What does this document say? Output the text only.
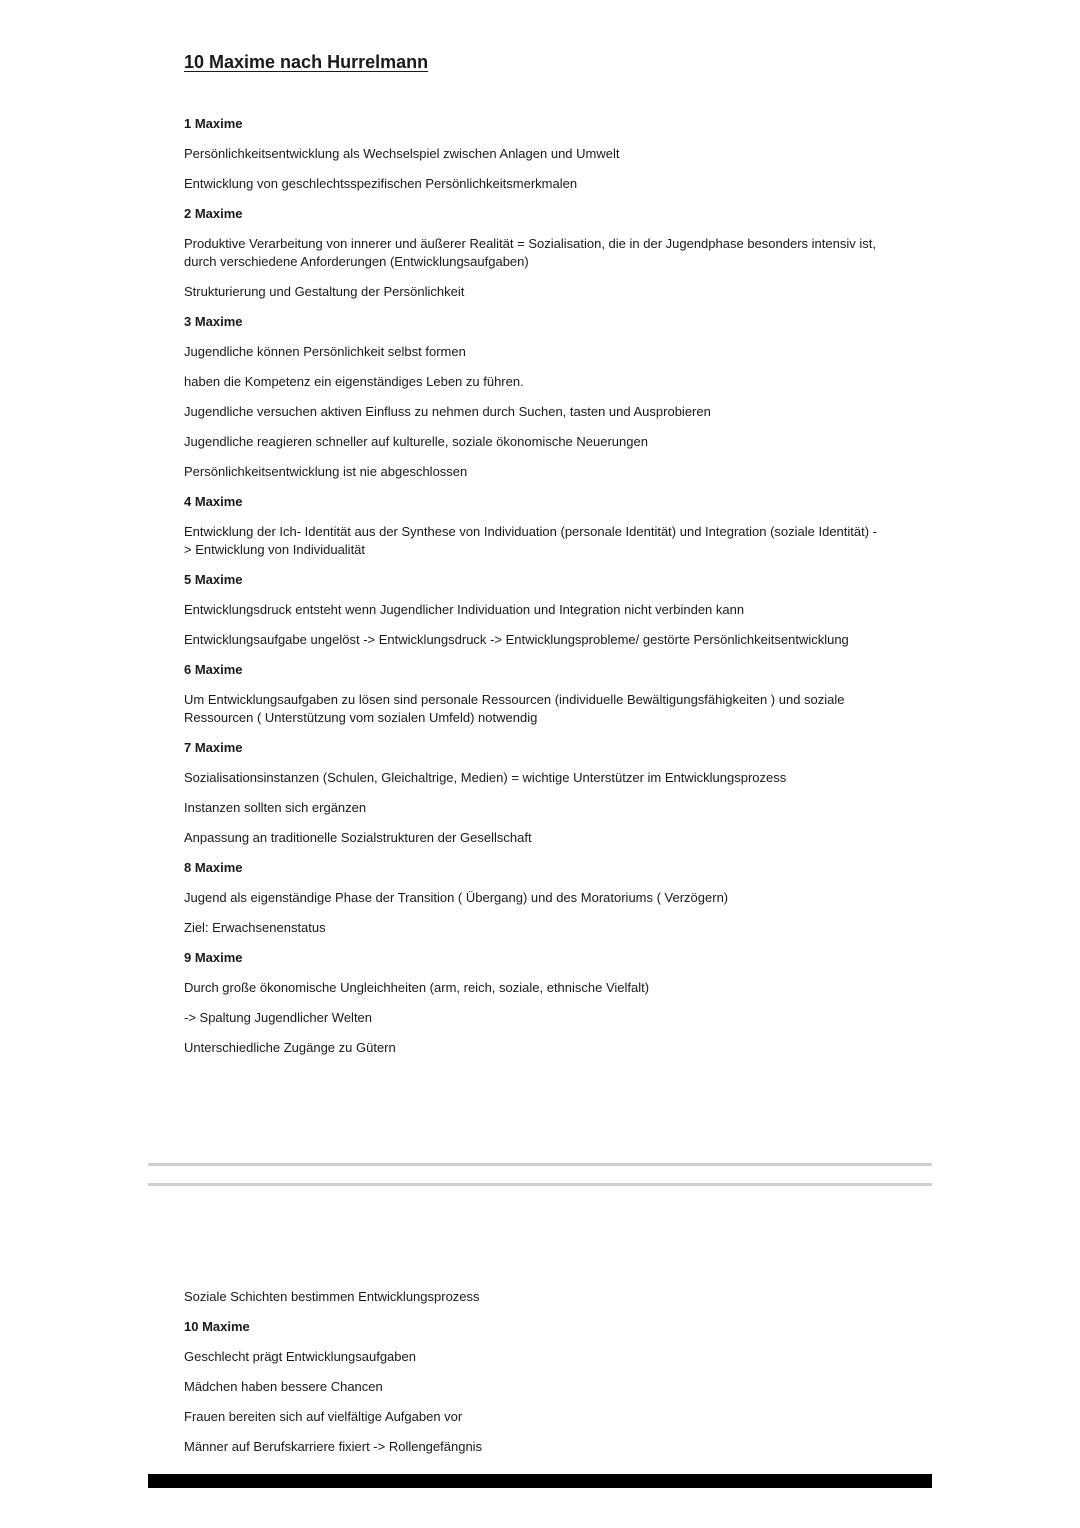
10 Maxime nach Hurrelmann
1 Maxime
Persönlichkeitsentwicklung als Wechselspiel zwischen Anlagen und Umwelt
Entwicklung von geschlechtsspezifischen Persönlichkeitsmerkmalen
2 Maxime
Produktive Verarbeitung von innerer und äußerer Realität = Sozialisation, die in der Jugendphase besonders intensiv ist, durch verschiedene Anforderungen (Entwicklungsaufgaben)
Strukturierung und Gestaltung der Persönlichkeit
3 Maxime
Jugendliche können Persönlichkeit selbst formen
haben die Kompetenz ein eigenständiges Leben zu führen.
Jugendliche versuchen aktiven Einfluss zu nehmen durch Suchen, tasten und Ausprobieren
Jugendliche reagieren schneller auf kulturelle, soziale ökonomische Neuerungen
Persönlichkeitsentwicklung ist nie abgeschlossen
4 Maxime
Entwicklung der Ich- Identität aus der Synthese von Individuation (personale Identität) und Integration (soziale Identität) -> Entwicklung von Individualität
5 Maxime
Entwicklungsdruck entsteht wenn Jugendlicher Individuation und Integration nicht verbinden kann
Entwicklungsaufgabe ungelöst -> Entwicklungsdruck -> Entwicklungsprobleme/ gestörte Persönlichkeitsentwicklung
6 Maxime
Um Entwicklungsaufgaben zu lösen sind personale Ressourcen (individuelle Bewältigungsfähigkeiten ) und soziale Ressourcen ( Unterstützung vom sozialen Umfeld) notwendig
7 Maxime
Sozialisationsinstanzen (Schulen, Gleichaltrige, Medien) = wichtige Unterstützer im Entwicklungsprozess
Instanzen sollten sich ergänzen
Anpassung an traditionelle Sozialstrukturen der Gesellschaft
8 Maxime
Jugend als eigenständige Phase der Transition ( Übergang) und des Moratoriums ( Verzögern)
Ziel: Erwachsenenstatus
9 Maxime
Durch große ökonomische Ungleichheiten (arm, reich, soziale, ethnische Vielfalt)
-> Spaltung Jugendlicher Welten
Unterschiedliche Zugänge zu Gütern
Soziale Schichten bestimmen Entwicklungsprozess
10 Maxime
Geschlecht prägt Entwicklungsaufgaben
Mädchen haben bessere Chancen
Frauen bereiten sich auf vielfältige Aufgaben vor
Männer auf Berufskarriere fixiert -> Rollengefängnis
